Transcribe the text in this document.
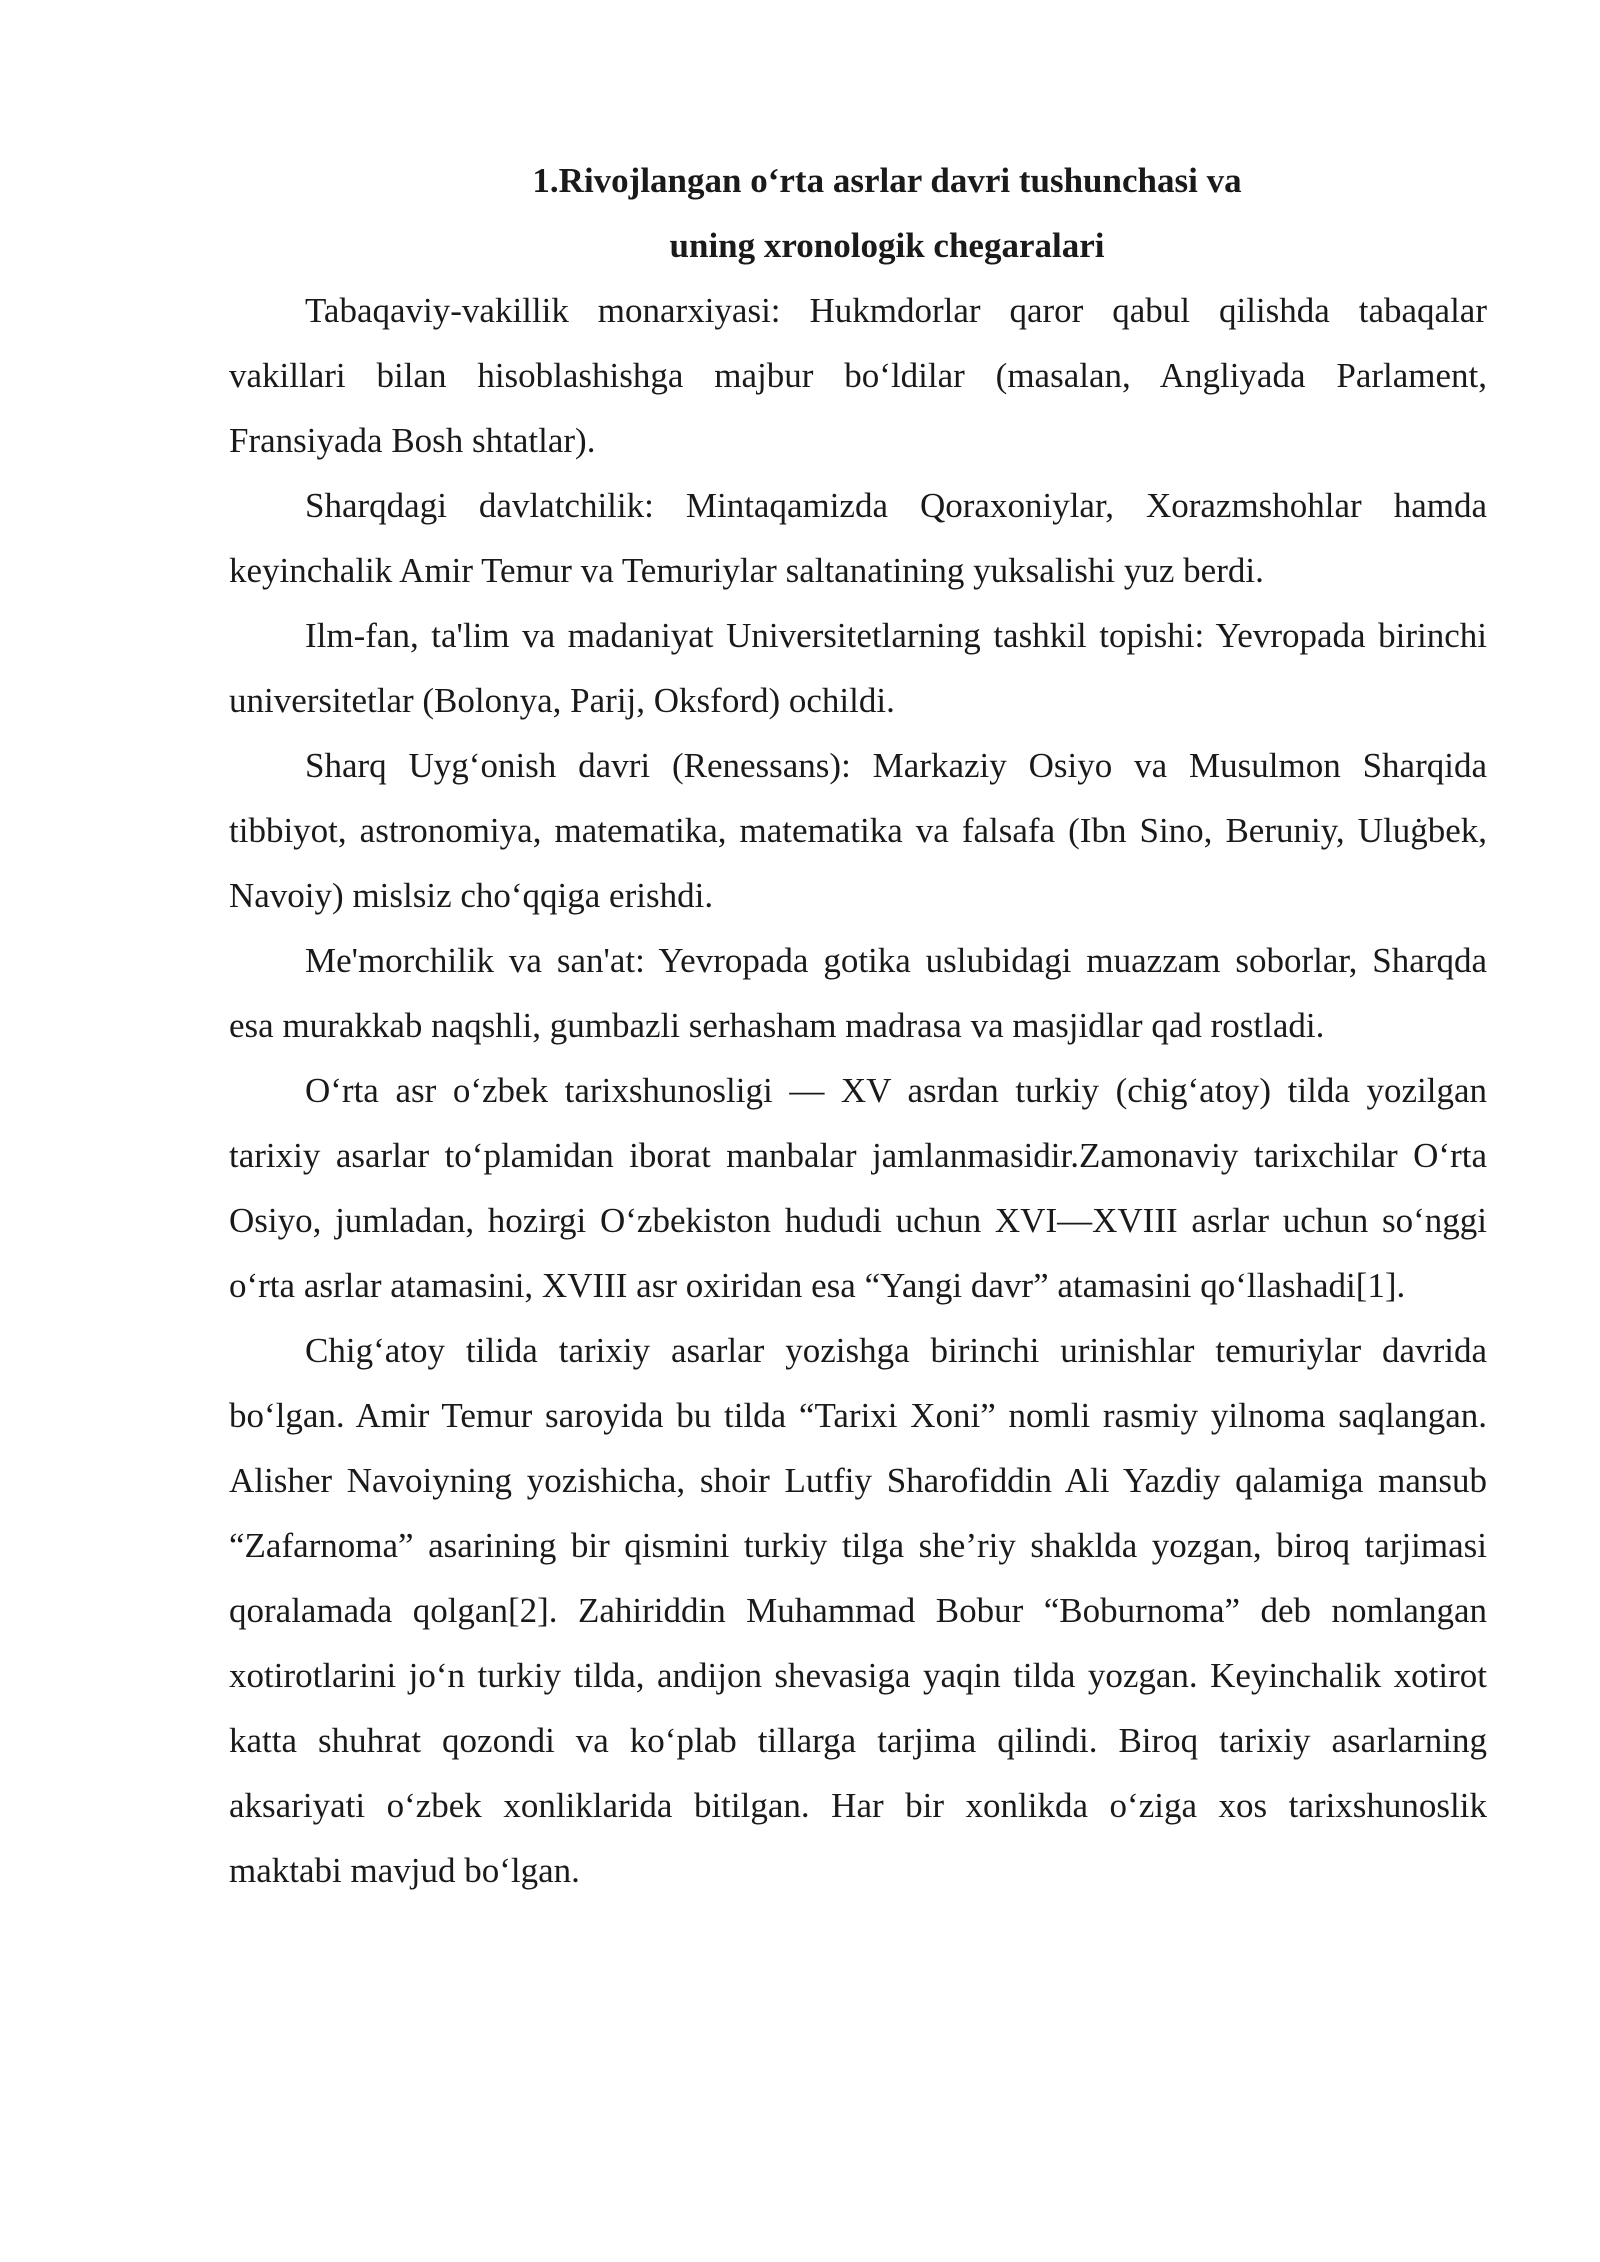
1.Rivojlangan o‘rta asrlar davri tushunchasi va
uning xronologik chegaralari

Tabaqaviy-vakillik monarxiyasi: Hukmdorlar qaror qabul qilishda tabaqalar vakillari bilan hisoblashishga majbur bo‘ldilar (masalan, Angliyada Parlament, Fransiyada Bosh shtatlar).

Sharqdagi davlatchilik: Mintaqamizda Qoraxoniylar, Xorazmshohlar hamda keyinchalik Amir Temur va Temuriylar saltanatining yuksalishi yuz berdi.

Ilm-fan, ta'lim va madaniyat Universitetlarning tashkil topishi: Yevropada birinchi universitetlar (Bolonya, Parij, Oksford) ochildi.

Sharq Uyg‘onish davri (Renessans): Markaziy Osiyo va Musulmon Sharqida tibbiyot, astronomiya, matematika, matematika va falsafa (Ibn Sino, Beruniy, Uluġbek, Navoiy) mislsiz cho‘qqiga erishdi.

Me'morchilik va san'at: Yevropada gotika uslubidagi muazzam soborlar, Sharqda esa murakkab naqshli, gumbazli serhasham madrasa va masjidlar qad rostladi.

O‘rta asr o‘zbek tarixshunosligi — XV asrdan turkiy (chig‘atoy) tilda yozilgan tarixiy asarlar to‘plamidan iborat manbalar jamlanmasidir.Zamonaviy tarixchilar O‘rta Osiyo, jumladan, hozirgi O‘zbekiston hududi uchun XVI—XVIII asrlar uchun so‘nggi o‘rta asrlar atamasini, XVIII asr oxiridan esa “Yangi davr” atamasini qo‘llashadi[1].

Chig‘atoy tilida tarixiy asarlar yozishga birinchi urinishlar temuriylar davrida bo‘lgan. Amir Temur saroyida bu tilda “Tarixi Xoni” nomli rasmiy yilnoma saqlangan. Alisher Navoiyning yozishicha, shoir Lutfiy Sharofiddin Ali Yazdiy qalamiga mansub “Zafarnoma” asarining bir qismini turkiy tilga she’riy shaklda yozgan, biroq tarjimasi qoralamada qolgan[2]. Zahiriddin Muhammad Bobur “Boburnoma” deb nomlangan xotirotlarini jo‘n turkiy tilda, andijon shevasiga yaqin tilda yozgan. Keyinchalik xotirot katta shuhrat qozondi va ko‘plab tillarga tarjima qilindi. Biroq tarixiy asarlarning aksariyati o‘zbek xonliklarida bitilgan. Har bir xonlikda o‘ziga xos tarixshunoslik maktabi mavjud bo‘lgan.
